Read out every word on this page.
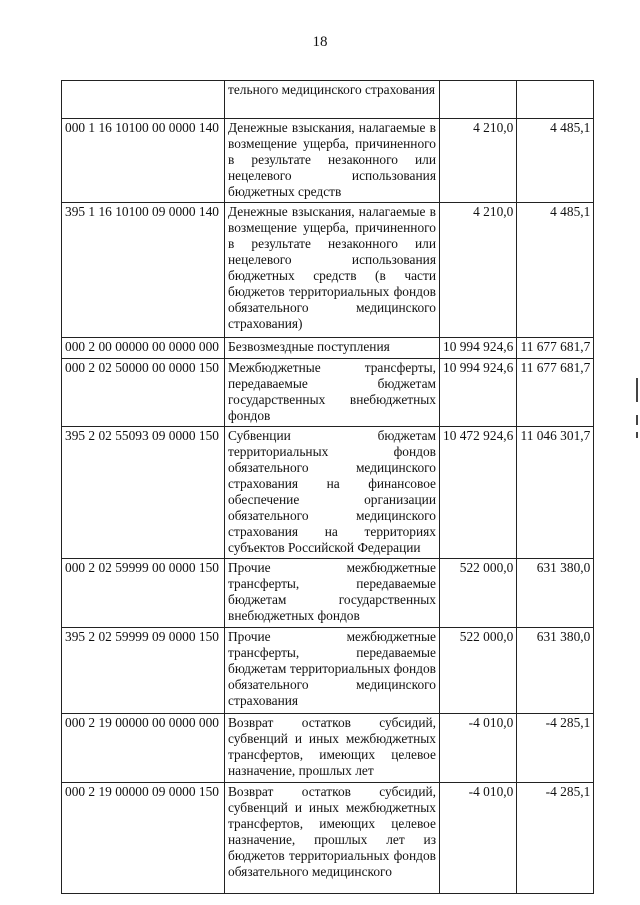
18
	тельного медицинского страхования		
000 1 16 10100 00 0000 140	Денежные взыскания, налагаемые в возмещение ущерба, причиненного в результате незаконного или нецелевого использования бюджетных средств	4 210,0	4 485,1
395 1 16 10100 09 0000 140	Денежные взыскания, налагаемые в возмещение ущерба, причиненного в результате незаконного или нецелевого использования бюджетных средств (в части бюджетов территориальных фондов обязательного медицинского страхования)	4 210,0	4 485,1
000 2 00 00000 00 0000 000	Безвозмездные поступления	10 994 924,6	11 677 681,7
000 2 02 50000 00 0000 150	Межбюджетные трансферты, передаваемые бюджетам государственных внебюджетных фондов	10 994 924,6	11 677 681,7
395 2 02 55093 09 0000 150	Субвенции бюджетам территориальных фондов обязательного медицинского страхования на финансовое обеспечение организации обязательного медицинского страхования на территориях субъектов Российской Федерации	10 472 924,6	11 046 301,7
000 2 02 59999 00 0000 150	Прочие межбюджетные трансферты, передаваемые бюджетам государственных внебюджетных фондов	522 000,0	631 380,0
395 2 02 59999 09 0000 150	Прочие межбюджетные трансферты, передаваемые бюджетам территориальных фондов обязательного медицинского страхования	522 000,0	631 380,0
000 2 19 00000 00 0000 000	Возврат остатков субсидий, субвенций и иных межбюджетных трансфертов, имеющих целевое назначение, прошлых лет	-4 010,0	-4 285,1
000 2 19 00000 09 0000 150	Возврат остатков субсидий, субвенций и иных межбюджетных трансфертов, имеющих целевое назначение, прошлых лет из бюджетов территориальных фондов обязательного медицинского	-4 010,0	-4 285,1
